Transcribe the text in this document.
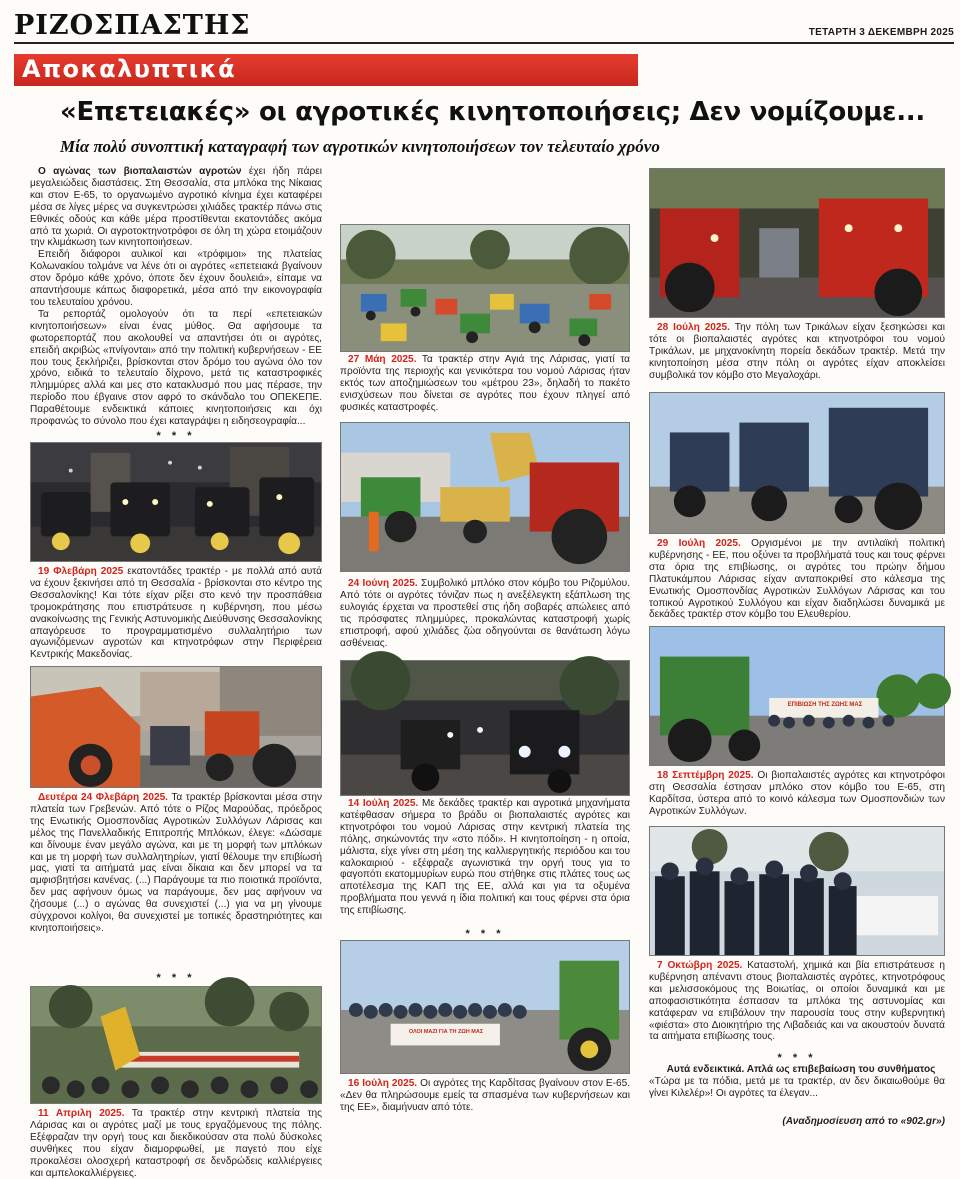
ΡΙΖΟΣΠΑΣΤΗΣ	ΤΕΤΑΡΤΗ 3 ΔΕΚΕΜΒΡΗ 2025
Αποκαλυπτικά
«Επετειακές» οι αγροτικές κινητοποιήσεις; Δεν νομίζουμε...
Μία πολύ συνοπτική καταγραφή των αγροτικών κινητοποιήσεων τον τελευταίο χρόνο

Ο αγώνας των βιοπαλαιστών αγροτών έχει ήδη πάρει μεγαλειώδεις διαστάσεις. Στη Θεσσαλία, στα μπλόκα της Νίκαιας και στον Ε-65, το οργανωμένο αγροτικό κίνημα έχει καταφέρει μέσα σε λίγες μέρες να συγκεντρώσει χιλιάδες τρακτέρ πάνω στις Εθνικές οδούς και κάθε μέρα προστίθενται εκατοντάδες ακόμα από τα χωριά. Οι αγροτοκτηνοτρόφοι σε όλη τη χώρα ετοιμάζουν την κλιμάκωση των κινητοποιήσεων.

Επειδή διάφοροι αυλικοί και «τρόφιμοι» της πλατείας Κολωνακίου τολμάνε να λένε ότι οι αγρότες «επετειακά βγαίνουν στον δρόμο κάθε χρόνο, όποτε δεν έχουν δουλειά», είπαμε να απαντήσουμε κάπως διαφορετικά, μέσα από την εικονογραφία του τελευταίου χρόνου.

Τα ρεπορτάζ ομολογούν ότι τα περί «επετειακών κινητοποιήσεων» είναι ένας μύθος. Θα αφήσουμε τα φωτορεπορτάζ που ακολουθεί να απαντήσει ότι οι αγρότες, επειδή ακριβώς «πνίγονται» από την πολιτική κυβερνήσεων - ΕΕ που τους ξεκλήριζει, βρίσκονται στον δρόμο του αγώνα όλο τον χρόνο, ειδικά το τελευταίο δίχρονο, μετά τις καταστροφικές πλημμύρες αλλά και μες στο κατακλυσμό που μας πέρασε, την περίοδο που έβγαινε στον αφρό το σκάνδαλο του ΟΠΕΚΕΠΕ. Παραθέτουμε ενδεικτικά κάποιες κινητοποιήσεις και όχι προφανώς το σύνολο που έχει καταγράψει η ειδησεογραφία...

* * *

19 Φλεβάρη 2025 εκατοντάδες τρακτέρ - με πολλά από αυτά να έχουν ξεκινήσει από τη Θεσσαλία - βρίσκονται στο κέντρο της Θεσσαλονίκης! Και τότε είχαν ρίξει στο κενό την προσπάθεια τρομοκράτησης που επιστράτευσε η κυβέρνηση, που μέσω ανακοίνωσης της Γενικής Αστυνομικής Διεύθυνσης Θεσσαλονίκης απαγόρευσε το προγραμματισμένο συλλαλητήριο των αγωνιζόμενων αγροτών και κτηνοτρόφων στην Περιφέρεια Κεντρικής Μακεδονίας.

Δευτέρα 24 Φλεβάρη 2025. Τα τρακτέρ βρίσκονται μέσα στην πλατεία των Γρεβενών. Από τότε ο Ρίζος Μαρούδας, πρόεδρος της Ενωτικής Ομοσπονδίας Αγροτικών Συλλόγων Λάρισας και μέλος της Πανελλαδικής Επιτροπής Μπλόκων, έλεγε: «Δώσαμε και δίνουμε έναν μεγάλο αγώνα, και με τη μορφή των μπλόκων και με τη μορφή των συλλαλητηρίων, γιατί θέλουμε την επιβίωσή μας, γιατί τα αιτήματά μας είναι δίκαια και δεν μπορεί να τα αμφισβητήσει κανένας. (...) Παράγουμε τα πιο ποιοτικά προϊόντα, δεν μας αφήνουν όμως να παράγουμε, δεν μας αφήνουν να ζήσουμε (...) ο αγώνας θα συνεχιστεί (...) για να μη γίνουμε σύγχρονοι κολίγοι, θα συνεχιστεί με τοπικές δραστηριότητες και κινητοποιήσεις».

* * *

11 Απριλη 2025. Τα τρακτέρ στην κεντρική πλατεία της Λάρισας και οι αγρότες μαζί με τους εργαζόμενους της πόλης. Εξέφραζαν την οργή τους και διεκδικούσαν στα πολύ δύσκολες συνθήκες που είχαν διαμορφωθεί, με παγετό που είχε προκαλέσει ολοσχερή καταστροφή σε δενδρώδεις καλλιέργειες και αμπελοκαλλιέργειες.

27 Μάη 2025. Τα τρακτέρ στην Αγιά της Λάρισας, γιατί τα προϊόντα της περιοχής και γενικότερα του νομού Λάρισας ήταν εκτός των αποζημιώσεων του «μέτρου 23», δηλαδή το πακέτο ενισχύσεων που δίνεται σε αγρότες που έχουν πληγεί από φυσικές καταστροφές.

24 Ιούνη 2025. Συμβολικό μπλόκο στον κόμβο του Ριζομύλου. Από τότε οι αγρότες τόνιζαν πως η ανεξέλεγκτη εξάπλωση της ευλογιάς έρχεται να προστεθεί στις ήδη σοβαρές απώλειες από τις πρόσφατες πλημμύρες, προκαλώντας καταστροφή χωρίς επιστροφή, αφού χιλιάδες ζώα οδηγούνται σε θανάτωση λόγω ασθένειας.

14 Ιούλη 2025. Με δεκάδες τρακτέρ και αγροτικά μηχανήματα κατέφθασαν σήμερα το βράδυ οι βιοπαλαιστές αγρότες και κτηνοτρόφοι του νομού Λάρισας στην κεντρική πλατεία της πόλης, σηκώνοντάς την «στο πόδι». Η κινητοποίηση - η οποία, μάλιστα, είχε γίνει στη μέση της καλλιεργητικής περιόδου και του καλοκαιριού - εξέφραζε αγωνιστικά την οργή τους για το φαγοπότι εκατομμυρίων ευρώ που στήθηκε στις πλάτες τους ως αποτέλεσμα της ΚΑΠ της ΕΕ, αλλά και για τα οξυμένα προβλήματα που γεννά η ίδια πολιτική και τους φέρνει στα όρια της επιβίωσης.

* * *
ΟΛΟΙ ΜΑΖΙ ΓΙΑ ΤΗ ΖΩΗ ΜΑΣ

16 Ιούλη 2025. Οι αγρότες της Καρδίτσας βγαίνουν στον Ε-65. «Δεν θα πληρώσουμε εμείς τα σπασμένα των κυβερνήσεων και της ΕΕ», διαμήνυαν από τότε.

28 Ιούλη 2025. Την πόλη των Τρικάλων είχαν ξεσηκώσει και τότε οι βιοπαλαιστές αγρότες και κτηνοτρόφοι του νομού Τρικάλων, με μηχανοκίνητη πορεία δεκάδων τρακτέρ. Μετά την κινητοποίηση μέσα στην πόλη οι αγρότες είχαν αποκλείσει συμβολικά τον κόμβο στο Μεγαλοχάρι.

29 Ιούλη 2025. Οργισμένοι με την αντιλαϊκή πολιτική κυβέρνησης - ΕΕ, που οξύνει τα προβλήματά τους και τους φέρνει στα όρια της επιβίωσης, οι αγρότες του πρώην δήμου Πλατυκάμπου Λάρισας είχαν ανταποκριθεί στο κάλεσμα της Ενωτικής Ομοσπονδίας Αγροτικών Συλλόγων Λάρισας και του τοπικού Αγροτικού Συλλόγου και είχαν διαδηλώσει δυναμικά με δεκάδες τρακτέρ στον κόμβο του Ελευθερίου.

ΕΠΙΒΙΩΣΗ ΤΗΣ ΖΩΗΣ ΜΑΣ

18 Σεπτέμβρη 2025. Οι βιοπαλαιστές αγρότες και κτηνοτρόφοι στη Θεσσαλία έστησαν μπλόκο στον κόμβο του Ε-65, στη Καρδίτσα, ύστερα από το κοινό κάλεσμα των Ομοσπονδιών των Αγροτικών Συλλόγων.

7 Οκτώβρη 2025. Καταστολή, χημικά και βία επιστράτευσε η κυβέρνηση απέναντι στους βιοπαλαιστές αγρότες, κτηνοτρόφους και μελισσοκόμους της Βοιωτίας, οι οποίοι δυναμικά και με αποφασιστικότητα έσπασαν τα μπλόκα της αστυνομίας και κατάφεραν να επιβάλουν την παρουσία τους στην κυβερνητική «φιέστα» στο Διοικητήριο της Λιβαδειάς και να ακουστούν δυνατά τα αιτήματα επιβίωσης τους.

* * *

Αυτά ενδεικτικά. Απλά ως επιβεβαίωση του συνθήματος

«Τώρα με τα πόδια, μετά με τα τρακτέρ, αν δεν δικαιωθούμε θα γίνει Κιλελέρ»! Οι αγρότες τα έλεγαν...

(Αναδημοσίευση από το «902.gr»)
